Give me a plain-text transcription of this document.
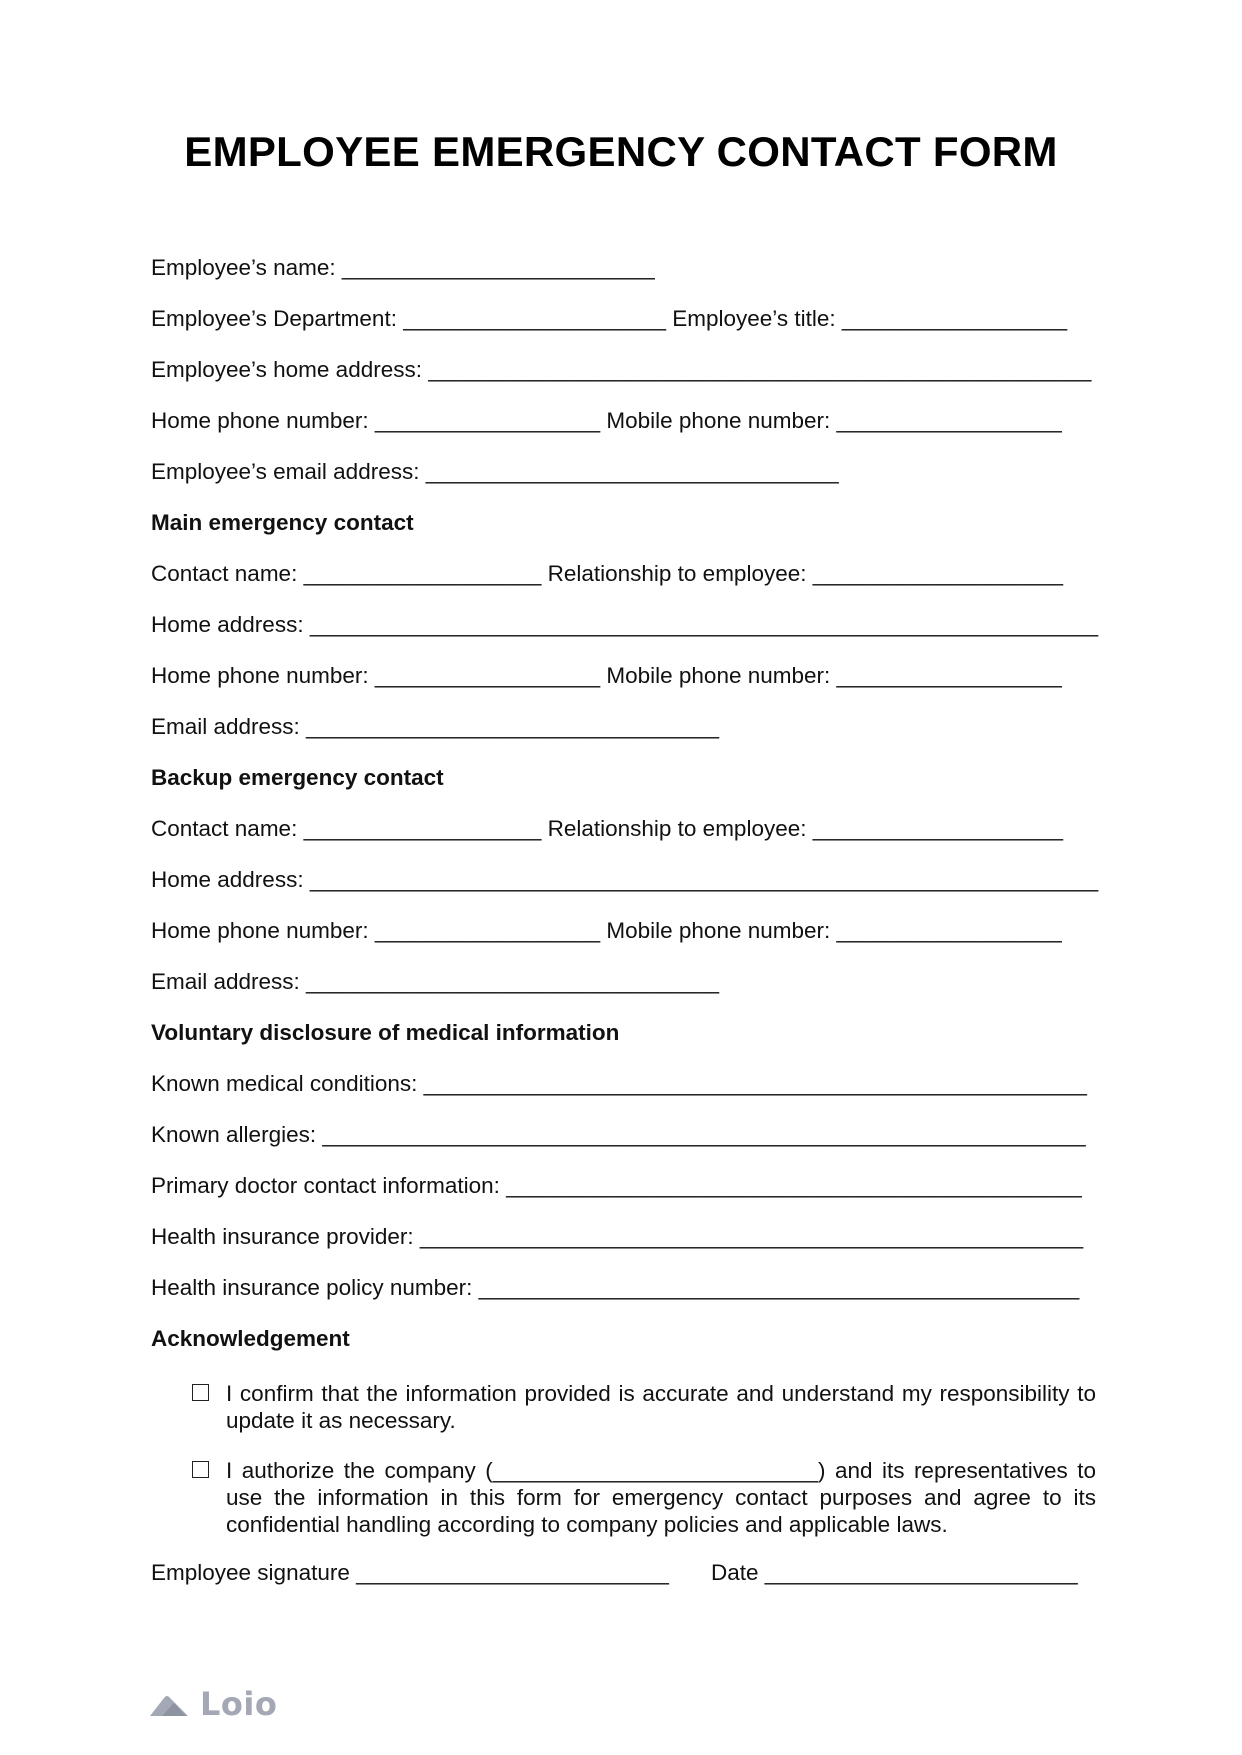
EMPLOYEE EMERGENCY CONTACT FORM
Employee’s name: _________________________
Employee’s Department: _____________________ Employee’s title: __________________
Employee’s home address: _____________________________________________________
Home phone number: __________________ Mobile phone number: __________________
Employee’s email address: _________________________________
Main emergency contact
Contact name: ___________________ Relationship to employee: ____________________
Home address: _______________________________________________________________
Home phone number: __________________ Mobile phone number: __________________
Email address: _________________________________
Backup emergency contact
Contact name: ___________________ Relationship to employee: ____________________
Home address: _______________________________________________________________
Home phone number: __________________ Mobile phone number: __________________
Email address: _________________________________
Voluntary disclosure of medical information
Known medical conditions: _____________________________________________________
Known allergies: _____________________________________________________________
Primary doctor contact information: ______________________________________________
Health insurance provider: _____________________________________________________
Health insurance policy number: ________________________________________________
Acknowledgement
I confirm that the information provided is accurate and understand my responsibility to update it as necessary.
I authorize the company (__________________________) and its representatives to use the information in this form for emergency contact purposes and agree to its confidential handling according to company policies and applicable laws.
Employee signature _________________________	Date _________________________
Loio
